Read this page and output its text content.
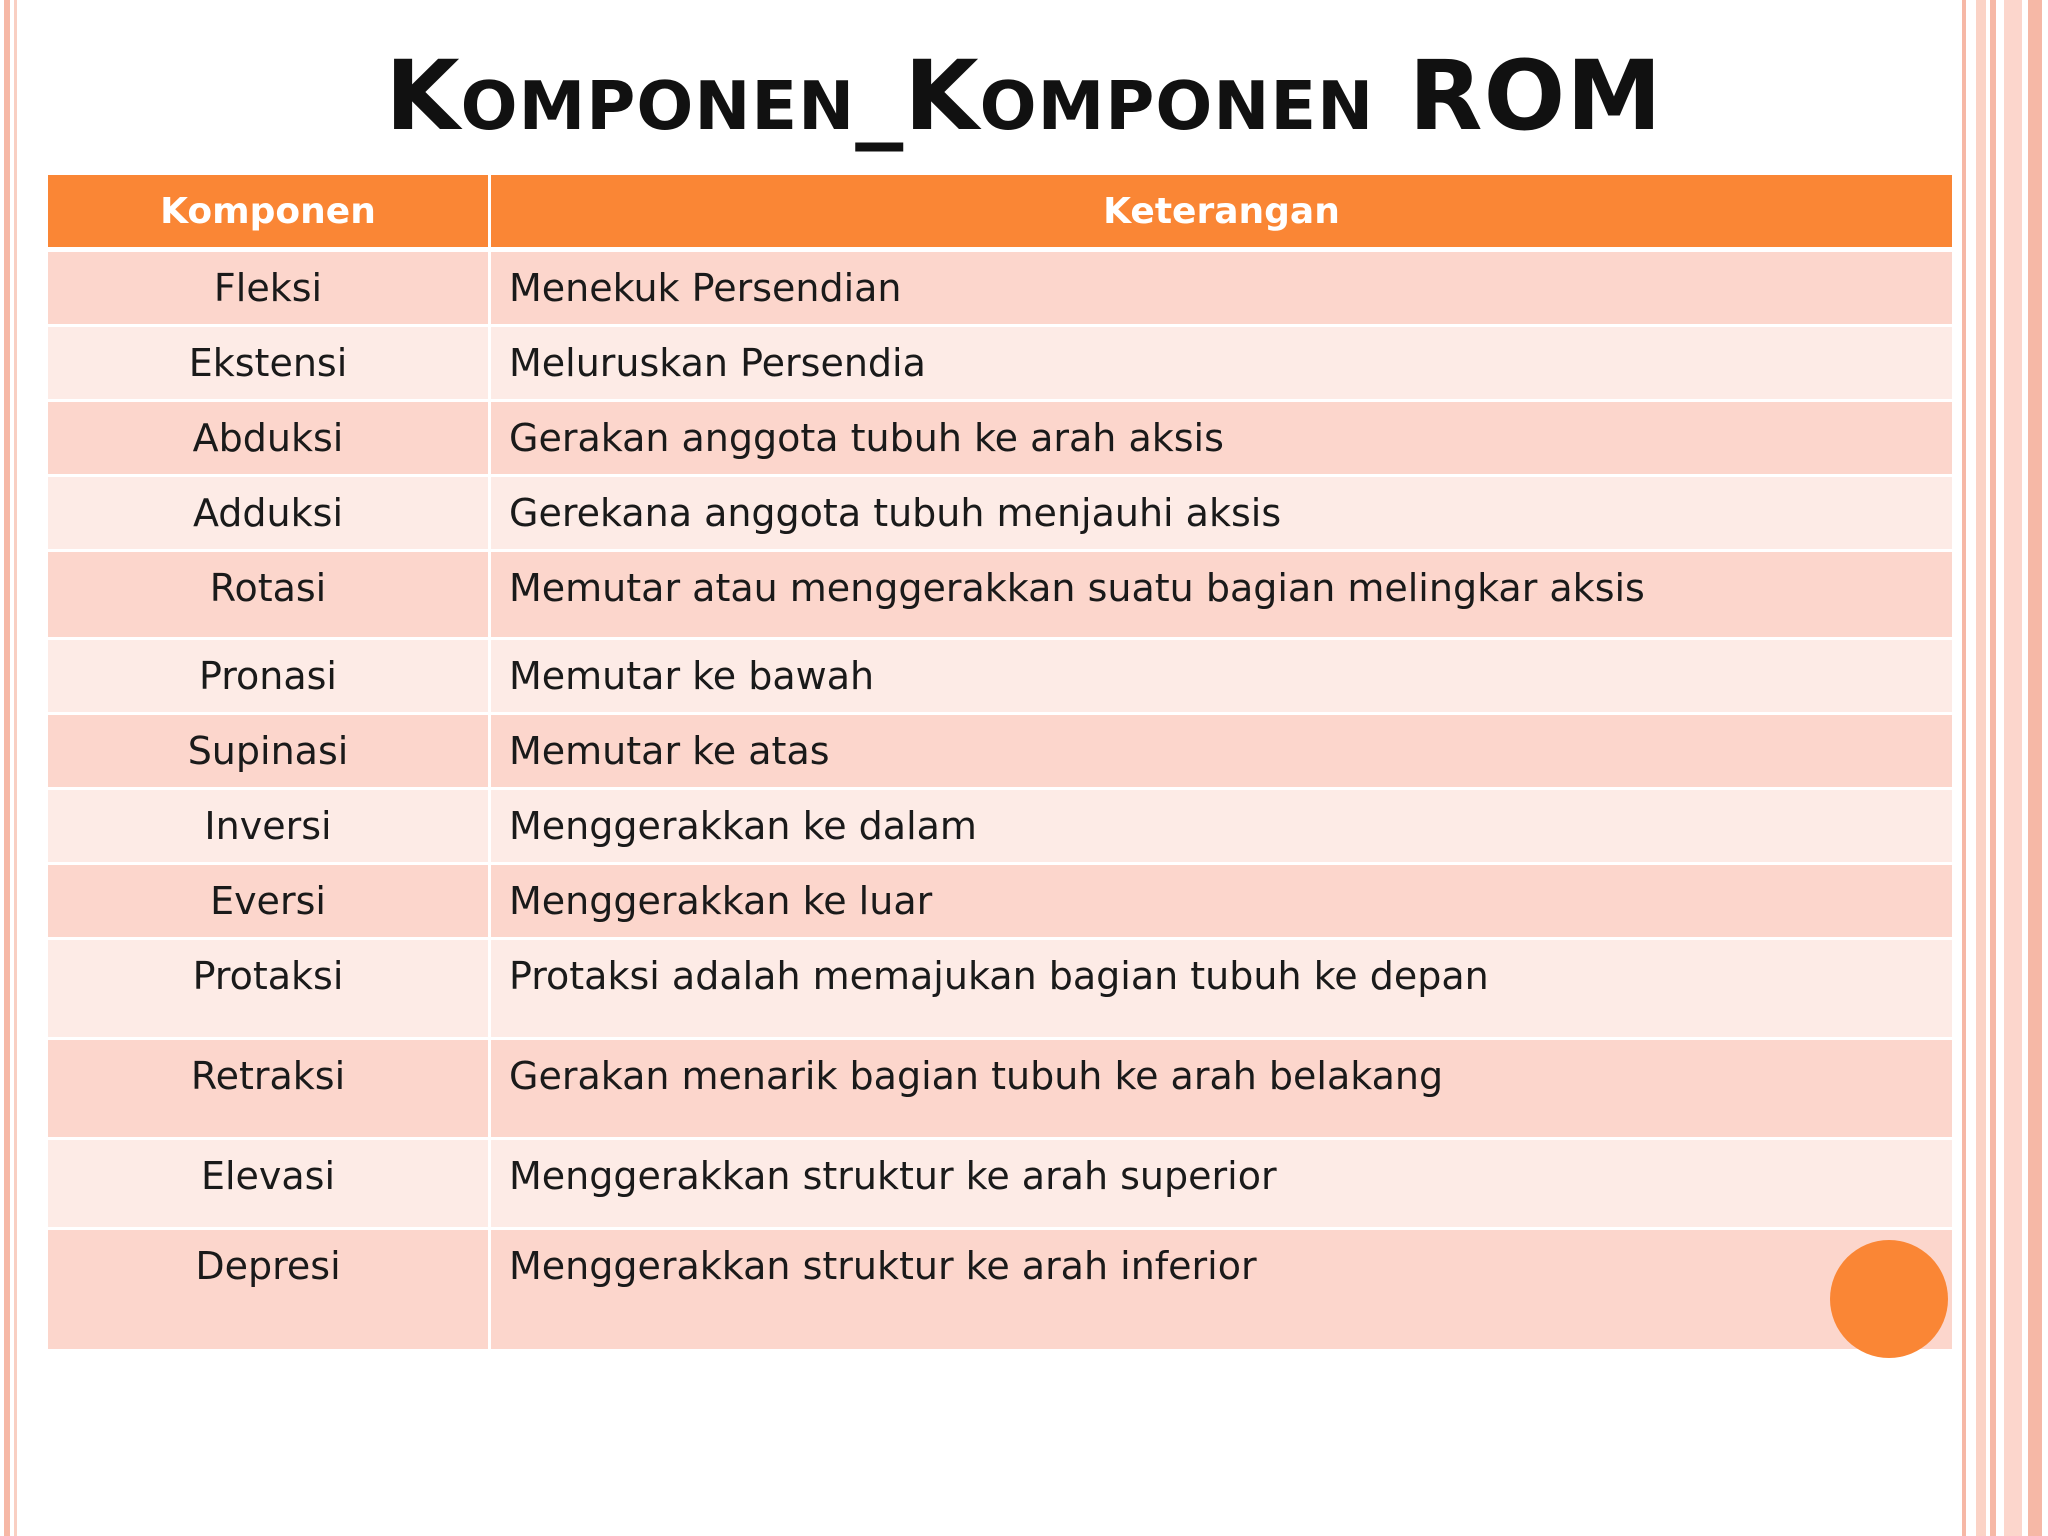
Komponen_Komponen ROM
Komponen	Keterangan
Fleksi	Menekuk Persendian
Ekstensi	Meluruskan Persendia
Abduksi	Gerakan anggota tubuh ke arah aksis
Adduksi	Gerekana anggota tubuh menjauhi aksis
Rotasi	Memutar atau menggerakkan suatu bagian melingkar aksis
Pronasi	Memutar ke bawah
Supinasi	Memutar ke atas
Inversi	Menggerakkan ke dalam
Eversi	Menggerakkan ke luar
Protaksi	Protaksi adalah memajukan bagian tubuh ke depan
Retraksi	Gerakan menarik bagian tubuh ke arah belakang
Elevasi	Menggerakkan struktur ke arah superior
Depresi	Menggerakkan struktur ke arah inferior
